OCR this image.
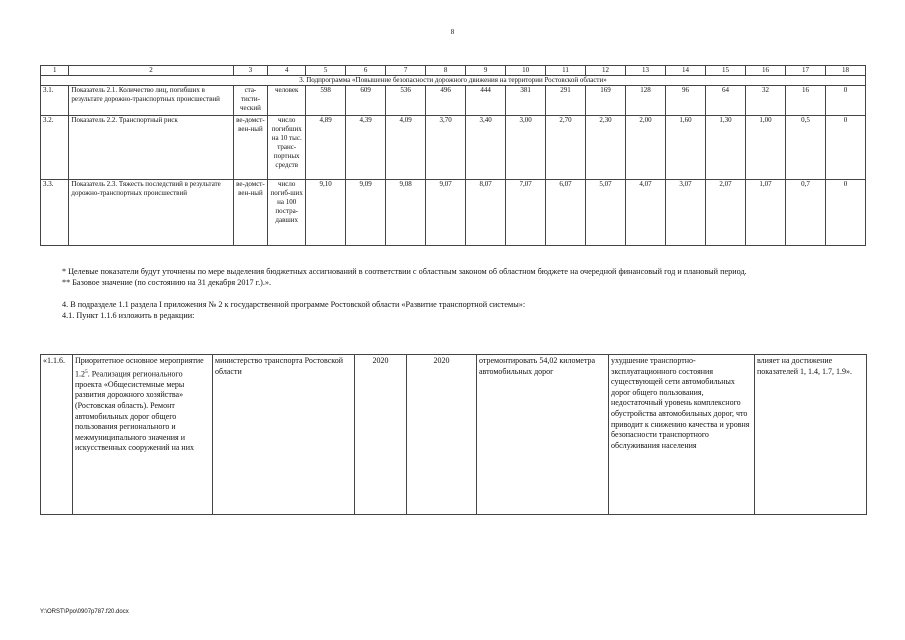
8
1	2	3	4	5	6	7	8	9	10	11	12	13	14	15	16	17	18
3. Подпрограмма «Повышение безопасности дорожного движения на территории Ростовской области»																	
3.1.	Показатель 2.1. Количество лиц, погибших в результате дорожно-транспортных происшествий	ста-тисти-ческий	человек	598	609	536	496	444	381	291	169	128	96	64	32	16	0
3.2.	Показатель 2.2. Транспортный риск	ве-домст-вен-ный	число погибших на 10 тыс. транс-портных средств	4,89	4,39	4,09	3,70	3,40	3,00	2,70	2,30	2,00	1,60	1,30	1,00	0,5	0
3.3.	Показатель 2.3. Тяжесть последствий в результате дорожно-транспортных происшествий	ве-домст-вен-ный	число погиб-ших на 100 постра-давших	9,10	9,09	9,08	9,07	8,07	7,07	6,07	5,07	4,07	3,07	2,07	1,07	0,7	0

* Целевые показатели будут уточнены по мере выделения бюджетных ассигнований в соответствии с областным законом об областном бюджете на очередной финансовый год и плановый период.

** Базовое значение (по состоянию на 31 декабря 2017 г.).».

4. В подразделе 1.1 раздела I приложения № 2 к государственной программе Ростовской области «Развитие транспортной системы»:

4.1. Пункт 1.1.6 изложить в редакции:

«1.1.6.	Приоритетное основное мероприятие $1.2^5$. Реализация регионального проекта «Общесистемные меры развития дорожного хозяйства» (Ростовская область). Ремонт автомобильных дорог общего пользования регионального и межмуниципального значения и искусственных сооружений на них	министерство транспорта Ростовской области	2020	2020	отремонтировать 54,02 километра автомобильных дорог	ухудшение транспортно-эксплуатационного состояния существующей сети автомобильных дорог общего пользования, недостаточный уровень комплексного обустройства автомобильных дорог, что приводит к снижению качества и уровня безопасности транспортного обслуживания населения	влияет на достижение показателей 1, 1.4, 1.7, 1.9».
Y:\ORST\Ppo\0907p787.f20.docx
